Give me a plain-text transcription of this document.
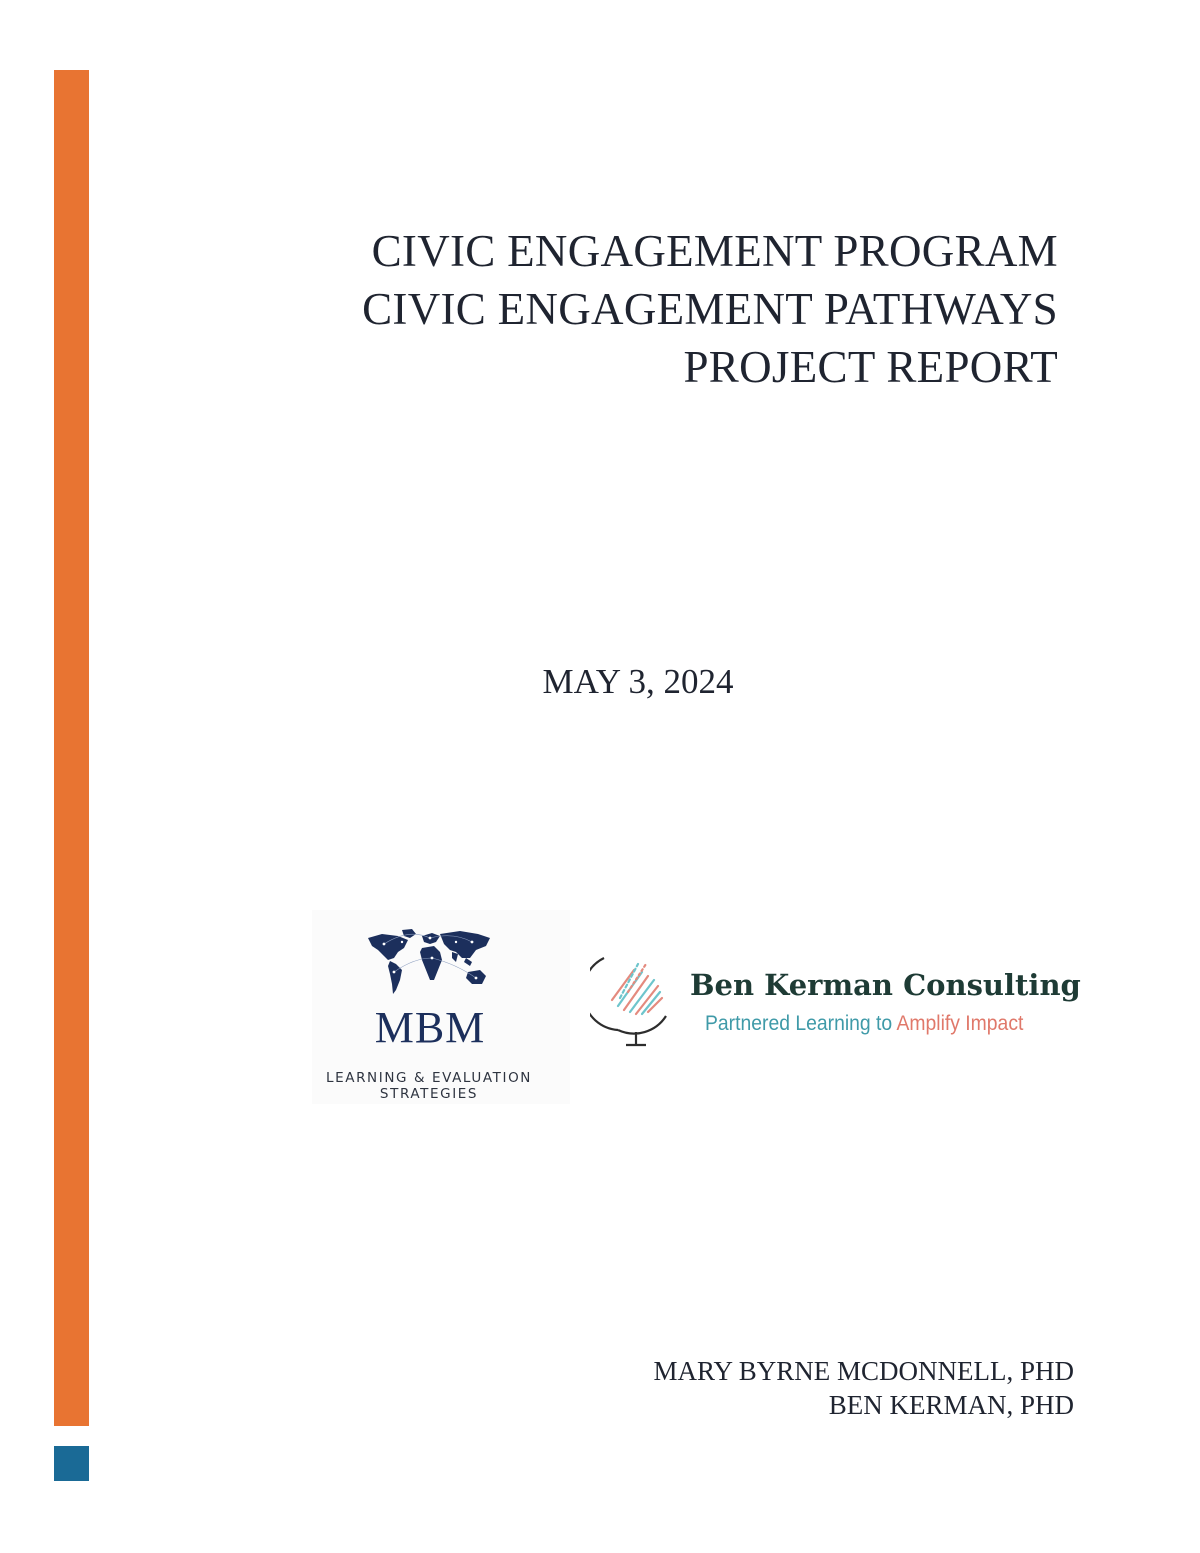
CIVIC ENGAGEMENT PROGRAM
CIVIC ENGAGEMENT PATHWAYS
PROJECT REPORT
MAY 3, 2024
MBM
LEARNING & EVALUATION
STRATEGIES
Ben Kerman Consulting
Partnered Learning to Amplify Impact
MARY BYRNE MCDONNELL, PHD
BEN KERMAN, PHD
